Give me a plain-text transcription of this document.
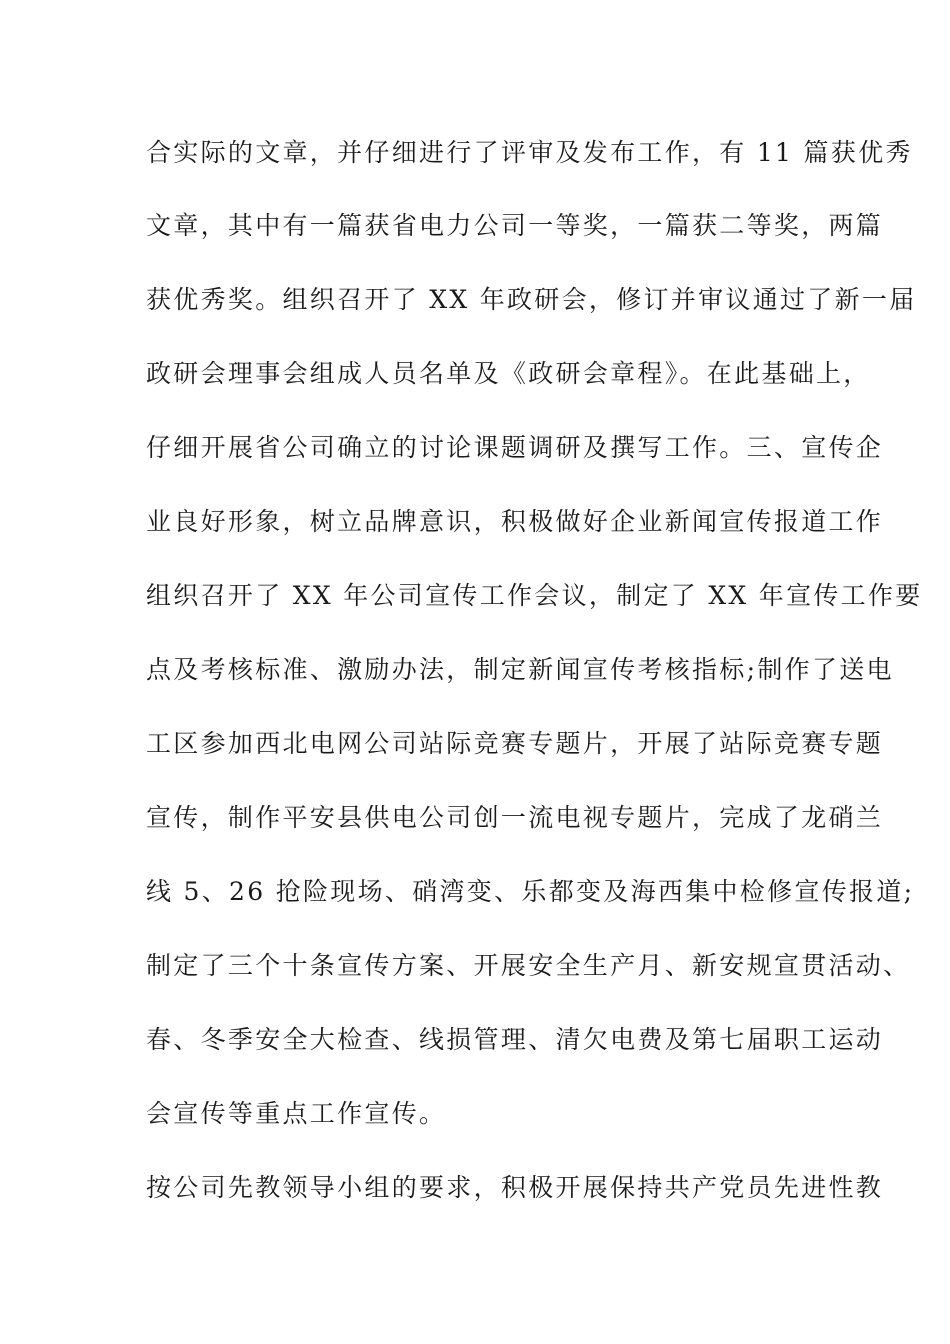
合实际的文章，并仔细进行了评审及发布工作，有 11 篇获优秀
文章，其中有一篇获省电力公司一等奖，一篇获二等奖，两篇
获优秀奖。组织召开了 XX 年政研会，修订并审议通过了新一届
政研会理事会组成人员名单及《政研会章程》。在此基础上，
仔细开展省公司确立的讨论课题调研及撰写工作。三、宣传企
业良好形象，树立品牌意识，积极做好企业新闻宣传报道工作
组织召开了 XX 年公司宣传工作会议，制定了 XX 年宣传工作要
点及考核标准、激励办法，制定新闻宣传考核指标;制作了送电
工区参加西北电网公司站际竞赛专题片，开展了站际竞赛专题
宣传，制作平安县供电公司创一流电视专题片，完成了龙硝兰
线 5、26 抢险现场、硝湾变、乐都变及海西集中检修宣传报道;
制定了三个十条宣传方案、开展安全生产月、新安规宣贯活动、
春、冬季安全大检查、线损管理、清欠电费及第七届职工运动
会宣传等重点工作宣传。
按公司先教领导小组的要求，积极开展保持共产党员先进性教
